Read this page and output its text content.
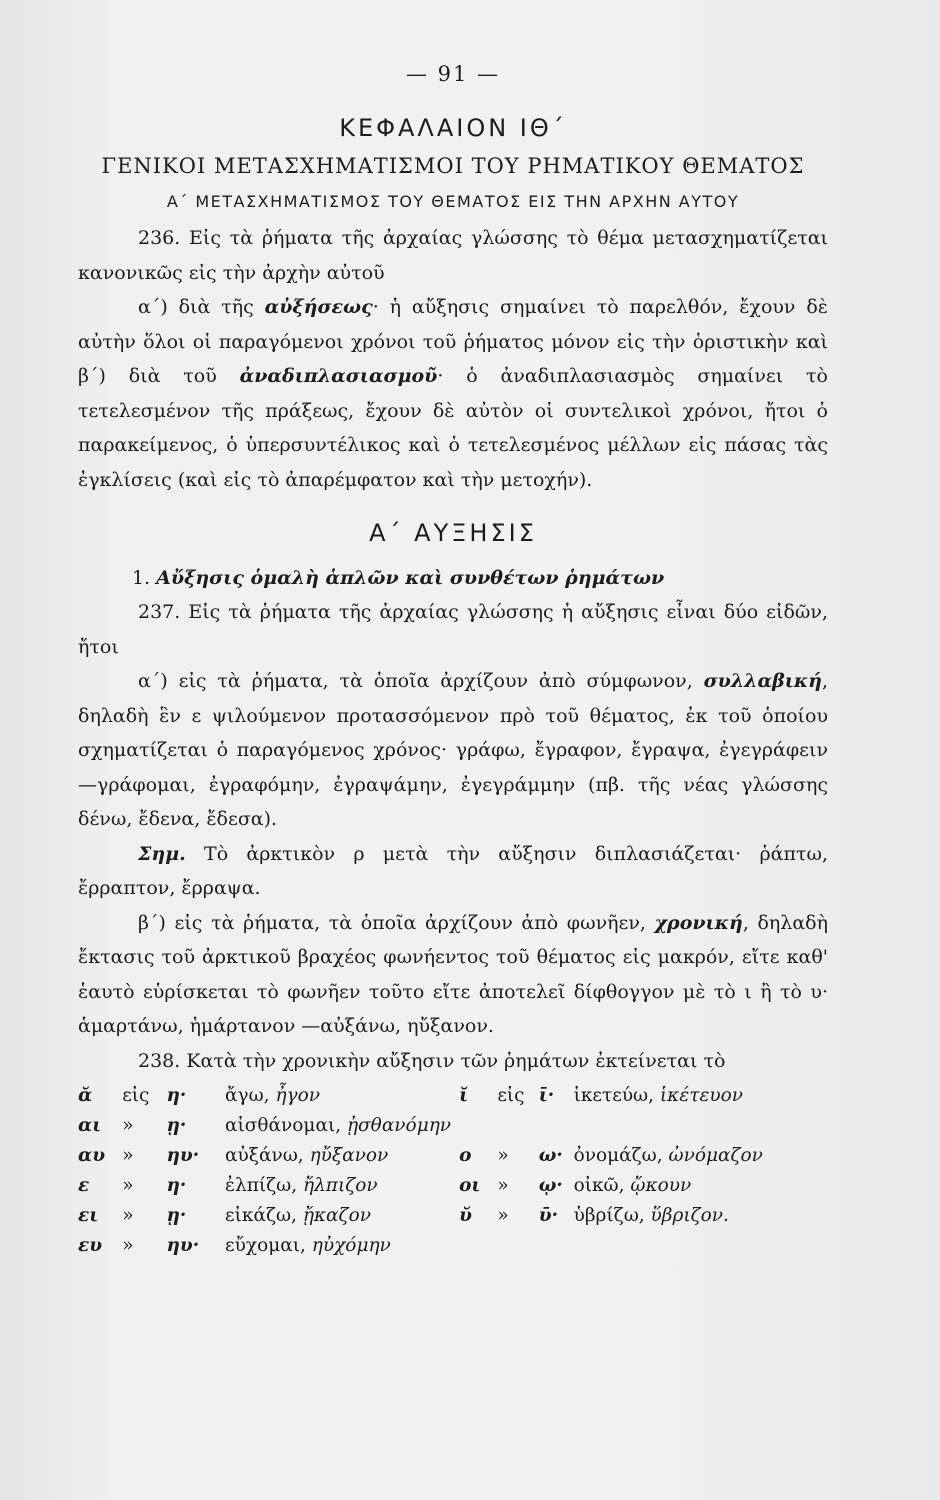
— 91 —
ΚΕΦΑΛΑΙΟΝ ΙΘ΄
ΓΕΝΙΚΟΙ ΜΕΤΑΣΧΗΜΑΤΙΣΜΟΙ ΤΟΥ ΡΗΜΑΤΙΚΟΥ ΘΕΜΑΤΟΣ
Α΄ ΜΕΤΑΣΧΗΜΑΤΙΣΜΟΣ ΤΟΥ ΘΕΜΑΤΟΣ ΕΙΣ ΤΗΝ ΑΡΧΗΝ ΑΥΤΟΥ

236. Εἰς τὰ ῥήματα τῆς ἀρχαίας γλώσσης τὸ θέμα μετασχηματίζεται κανονικῶς εἰς τὴν ἀρχὴν αὐτοῦ

α΄) διὰ τῆς αὐξήσεως· ἡ αὔξησις σημαίνει τὸ παρελθόν, ἔχουν δὲ αὐτὴν ὅλοι οἱ παραγόμενοι χρόνοι τοῦ ῥήματος μόνον εἰς τὴν ὁριστικὴν καὶ β΄) διὰ τοῦ ἀναδιπλασιασμοῦ· ὁ ἀναδιπλασιασμὸς σημαίνει τὸ τετελεσμένον τῆς πράξεως, ἔχουν δὲ αὐτὸν οἱ συντελικοὶ χρόνοι, ἤτοι ὁ παρακείμενος, ὁ ὑπερσυντέλικος καὶ ὁ τετελεσμένος μέλλων εἰς πάσας τὰς ἐγκλίσεις (καὶ εἰς τὸ ἀπαρέμφατον καὶ τὴν μετοχήν).

Α΄ ΑΥΞΗΣΙΣ
1. Αὔξησις ὁμαλὴ ἁπλῶν καὶ συνθέτων ῥημάτων

237. Εἰς τὰ ῥήματα τῆς ἀρχαίας γλώσσης ἡ αὔξησις εἶναι δύο εἰδῶν, ἤτοι

α΄) εἰς τὰ ῥήματα, τὰ ὁποῖα ἀρχίζουν ἀπὸ σύμφωνον, συλλαβική, δηλαδὴ ἓν ε ψιλούμενον προτασσόμενον πρὸ τοῦ θέματος, ἐκ τοῦ ὁποίου σχηματίζεται ὁ παραγόμενος χρόνος· γράφω, ἔγραφον, ἔγραψα, ἐγεγράφειν—γράφομαι, ἐγραφόμην, ἐγραψάμην, ἐγεγράμμην (πβ. τῆς νέας γλώσσης δένω, ἔδενα, ἔδεσα).

Σημ. Τὸ ἀρκτικὸν ρ μετὰ τὴν αὔξησιν διπλασιάζεται· ῥάπτω, ἔρραπτον, ἔρραψα.

β΄) εἰς τὰ ῥήματα, τὰ ὁποῖα ἀρχίζουν ἀπὸ φωνῆεν, χρονική, δηλαδὴ ἔκτασις τοῦ ἀρκτικοῦ βραχέος φωνήεντος τοῦ θέματος εἰς μακρόν, εἴτε καθ' ἑαυτὸ εὑρίσκεται τὸ φωνῆεν τοῦτο εἴτε ἀποτελεῖ δίφθογγον μὲ τὸ ι ἢ τὸ υ· ἁμαρτάνω, ἡμάρτανον —αὐξάνω, ηὔξανον.

238. Κατὰ τὴν χρονικὴν αὔξησιν τῶν ῥημάτων ἐκτείνεται τὸ

ᾰ	εἰς	η·	ἄγω, ἦγον	ῐ	εἰς	ῑ·	ἱκετεύω, ἱκέτευον
αι	»	ῃ·	αἰσθάνομαι, ᾐσθανόμην				
αυ	»	ηυ·	αὐξάνω, ηὔξανον	ο	»	ω·	ὀνομάζω, ὠνόμαζον
ε	»	η·	ἐλπίζω, ἤλπιζον	οι	»	ῳ·	οἰκῶ, ᾤκουν
ει	»	ῃ·	εἰκάζω, ᾔκαζον	ῠ	»	ῡ·	ὑβρίζω, ὕβριζον.
ευ	»	ηυ·	εὔχομαι, ηὐχόμην				
